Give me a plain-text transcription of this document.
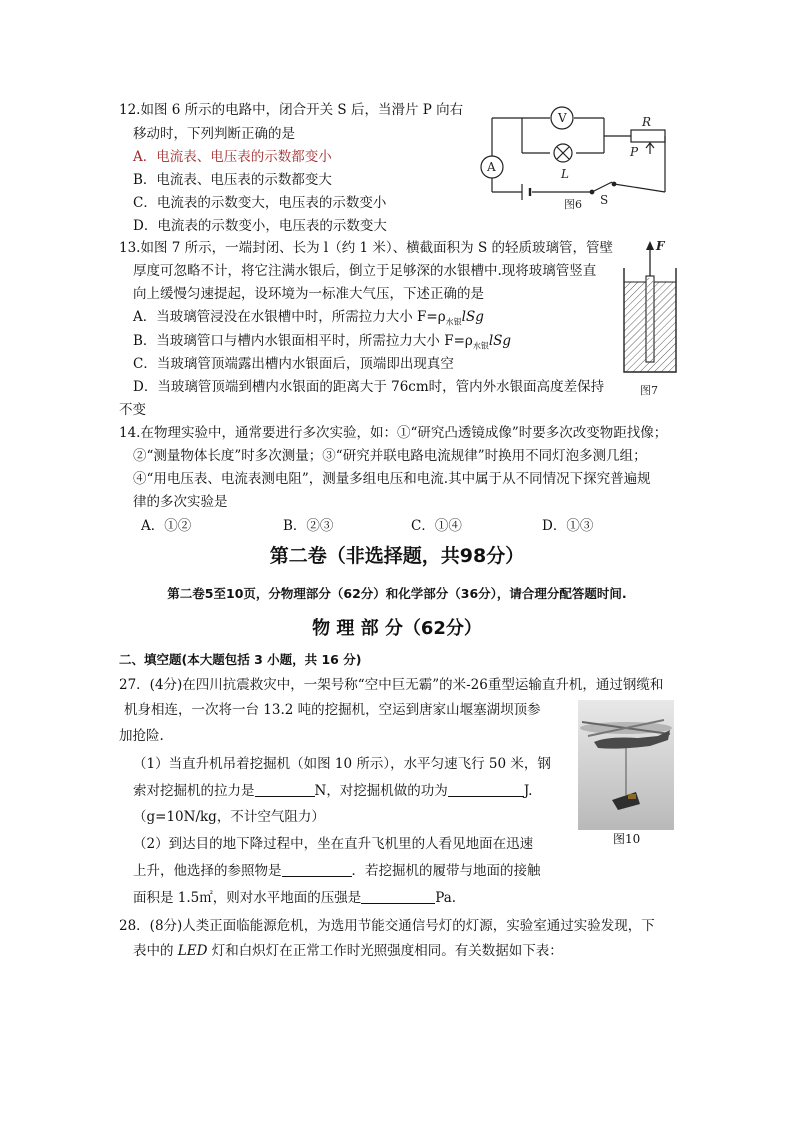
12.如图 6 所示的电路中，闭合开关 S 后，当滑片 P 向右
移动时，下列判断正确的是
A．电流表、电压表的示数都变小
B．电流表、电压表的示数都变大
C．电流表的示数变大，电压表的示数变小
D．电流表的示数变小，电压表的示数变大
V
A
R
P
L
S
图6
13.如图 7 所示，一端封闭、长为 l（约 1 米）、横截面积为 S 的轻质玻璃管，管壁
厚度可忽略不计，将它注满水银后，倒立于足够深的水银槽中.现将玻璃管竖直
向上缓慢匀速提起，设环境为一标准大气压，下述正确的是
A．当玻璃管浸没在水银槽中时，所需拉力大小 $F=\rho_{水银}lSg$
B．当玻璃管口与槽内水银面相平时，所需拉力大小 $F=\rho_{水银}lSg$
C．当玻璃管顶端露出槽内水银面后，顶端即出现真空
D．当玻璃管顶端到槽内水银面的距离大于 76cm时，管内外水银面高度差保持
不变
F
图7
14.在物理实验中，通常要进行多次实验，如：①“研究凸透镜成像”时要多次改变物距找像；
②“测量物体长度”时多次测量；③“研究并联电路电流规律”时换用不同灯泡多测几组；
④“用电压表、电流表测电阻”，测量多组电压和电流.其中属于从不同情况下探究普遍规
律的多次实验是
A．①②	B．②③	C．①④	D．①③
第二卷（非选择题，共98分）
第二卷5至10页，分物理部分（62分）和化学部分（36分），请合理分配答题时间.
物 理 部 分（62分）
二、填空题(本大题包括 3 小题，共 16 分)
27．(4分)在四川抗震救灾中，一架号称“空中巨无霸”的米-26重型运输直升机，通过钢缆和
机身相连，一次将一台 13.2 吨的挖掘机，空运到唐家山堰塞湖坝顶参
加抢险.
（1）当直升机吊着挖掘机（如图 10 所示），水平匀速飞行 50 米，钢
索对挖掘机的拉力是	N，对挖掘机做的功为	J.
（g=10N/kg，不计空气阻力）
（2）到达目的地下降过程中，坐在直升飞机里的人看见地面在迅速
上升，他选择的参照物是	．若挖掘机的履带与地面的接触
面积是 1.5㎡，则对水平地面的压强是	Pa.
图10
28．(8分)人类正面临能源危机，为选用节能交通信号灯的灯源，实验室通过实验发现，下
表中的 LED 灯和白炽灯在正常工作时光照强度相同。有关数据如下表：
